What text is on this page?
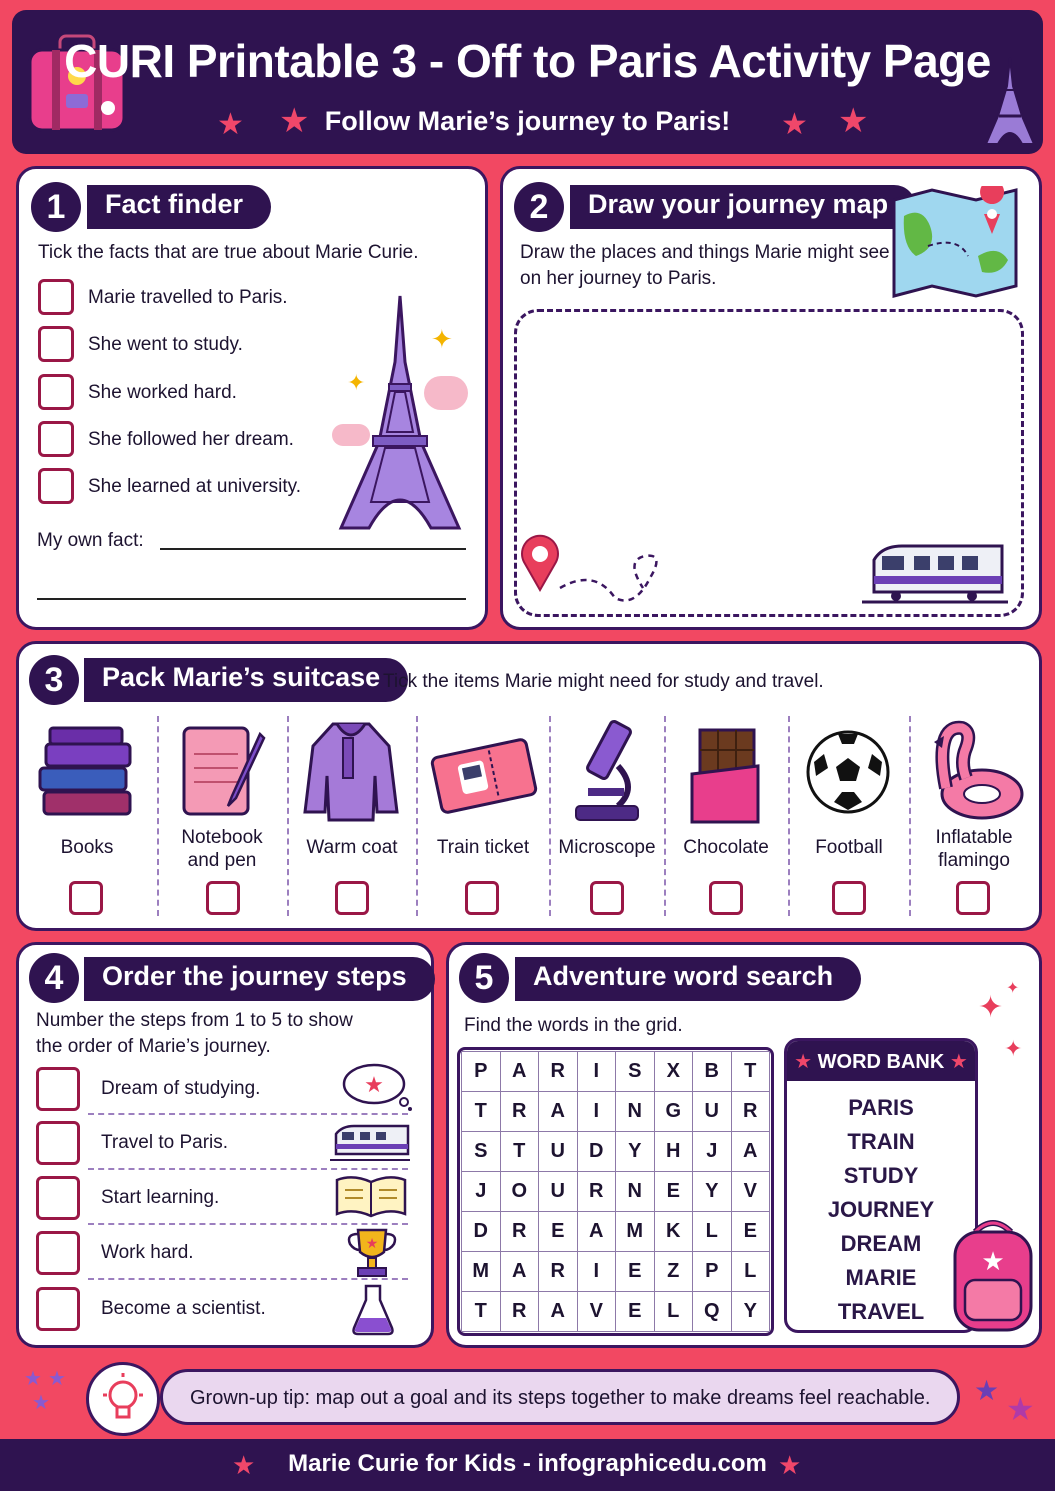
CURI Printable 3 - Off to Paris Activity Page
Follow Marie’s journey to Paris!
★ ★	★ ★
1	Fact finder
Tick the facts that are true about Marie Curie.
Marie travelled to Paris.
She went to study.
She worked hard.
She followed her dream.
She learned at university.
✦
✦
My own fact:
2	Draw your journey map
Draw the places and things Marie might see
on her journey to Paris.
3	Pack Marie’s suitcase Tick the items Marie might need for study and travel.
Books	Notebook
and pen
Warm coat	Train ticket	Microscope	Chocolate	Football	Inflatable
flamingo
4	Order the journey steps
Number the steps from 1 to 5 to show
the order of Marie’s journey.
Dream of studying.
Travel to Paris.
Start learning.
Work hard.
Become a scientist.
★
★
5	Adventure word search
Find the words in the grid.
✦
✦
✦
P	A	R	I	S	X	B	T
T	R	A	I	N	G	U	R
S	T	U	D	Y	H	J	A
J	O	U	R	N	E	Y	V
D	R	E	A	M	K	L	E
M	A	R	I	E	Z	P	L
T	R	A	V	E	L	Q	Y
★ WORD BANK ★
PARIS
TRAIN
STUDY
JOURNEY
DREAM
MARIE
TRAVEL
★
★ ★
★	Grown-up tip: map out a goal and its steps together to make dreams feel reachable. ★
★
★	Marie Curie for Kids - infographicedu.com ★
